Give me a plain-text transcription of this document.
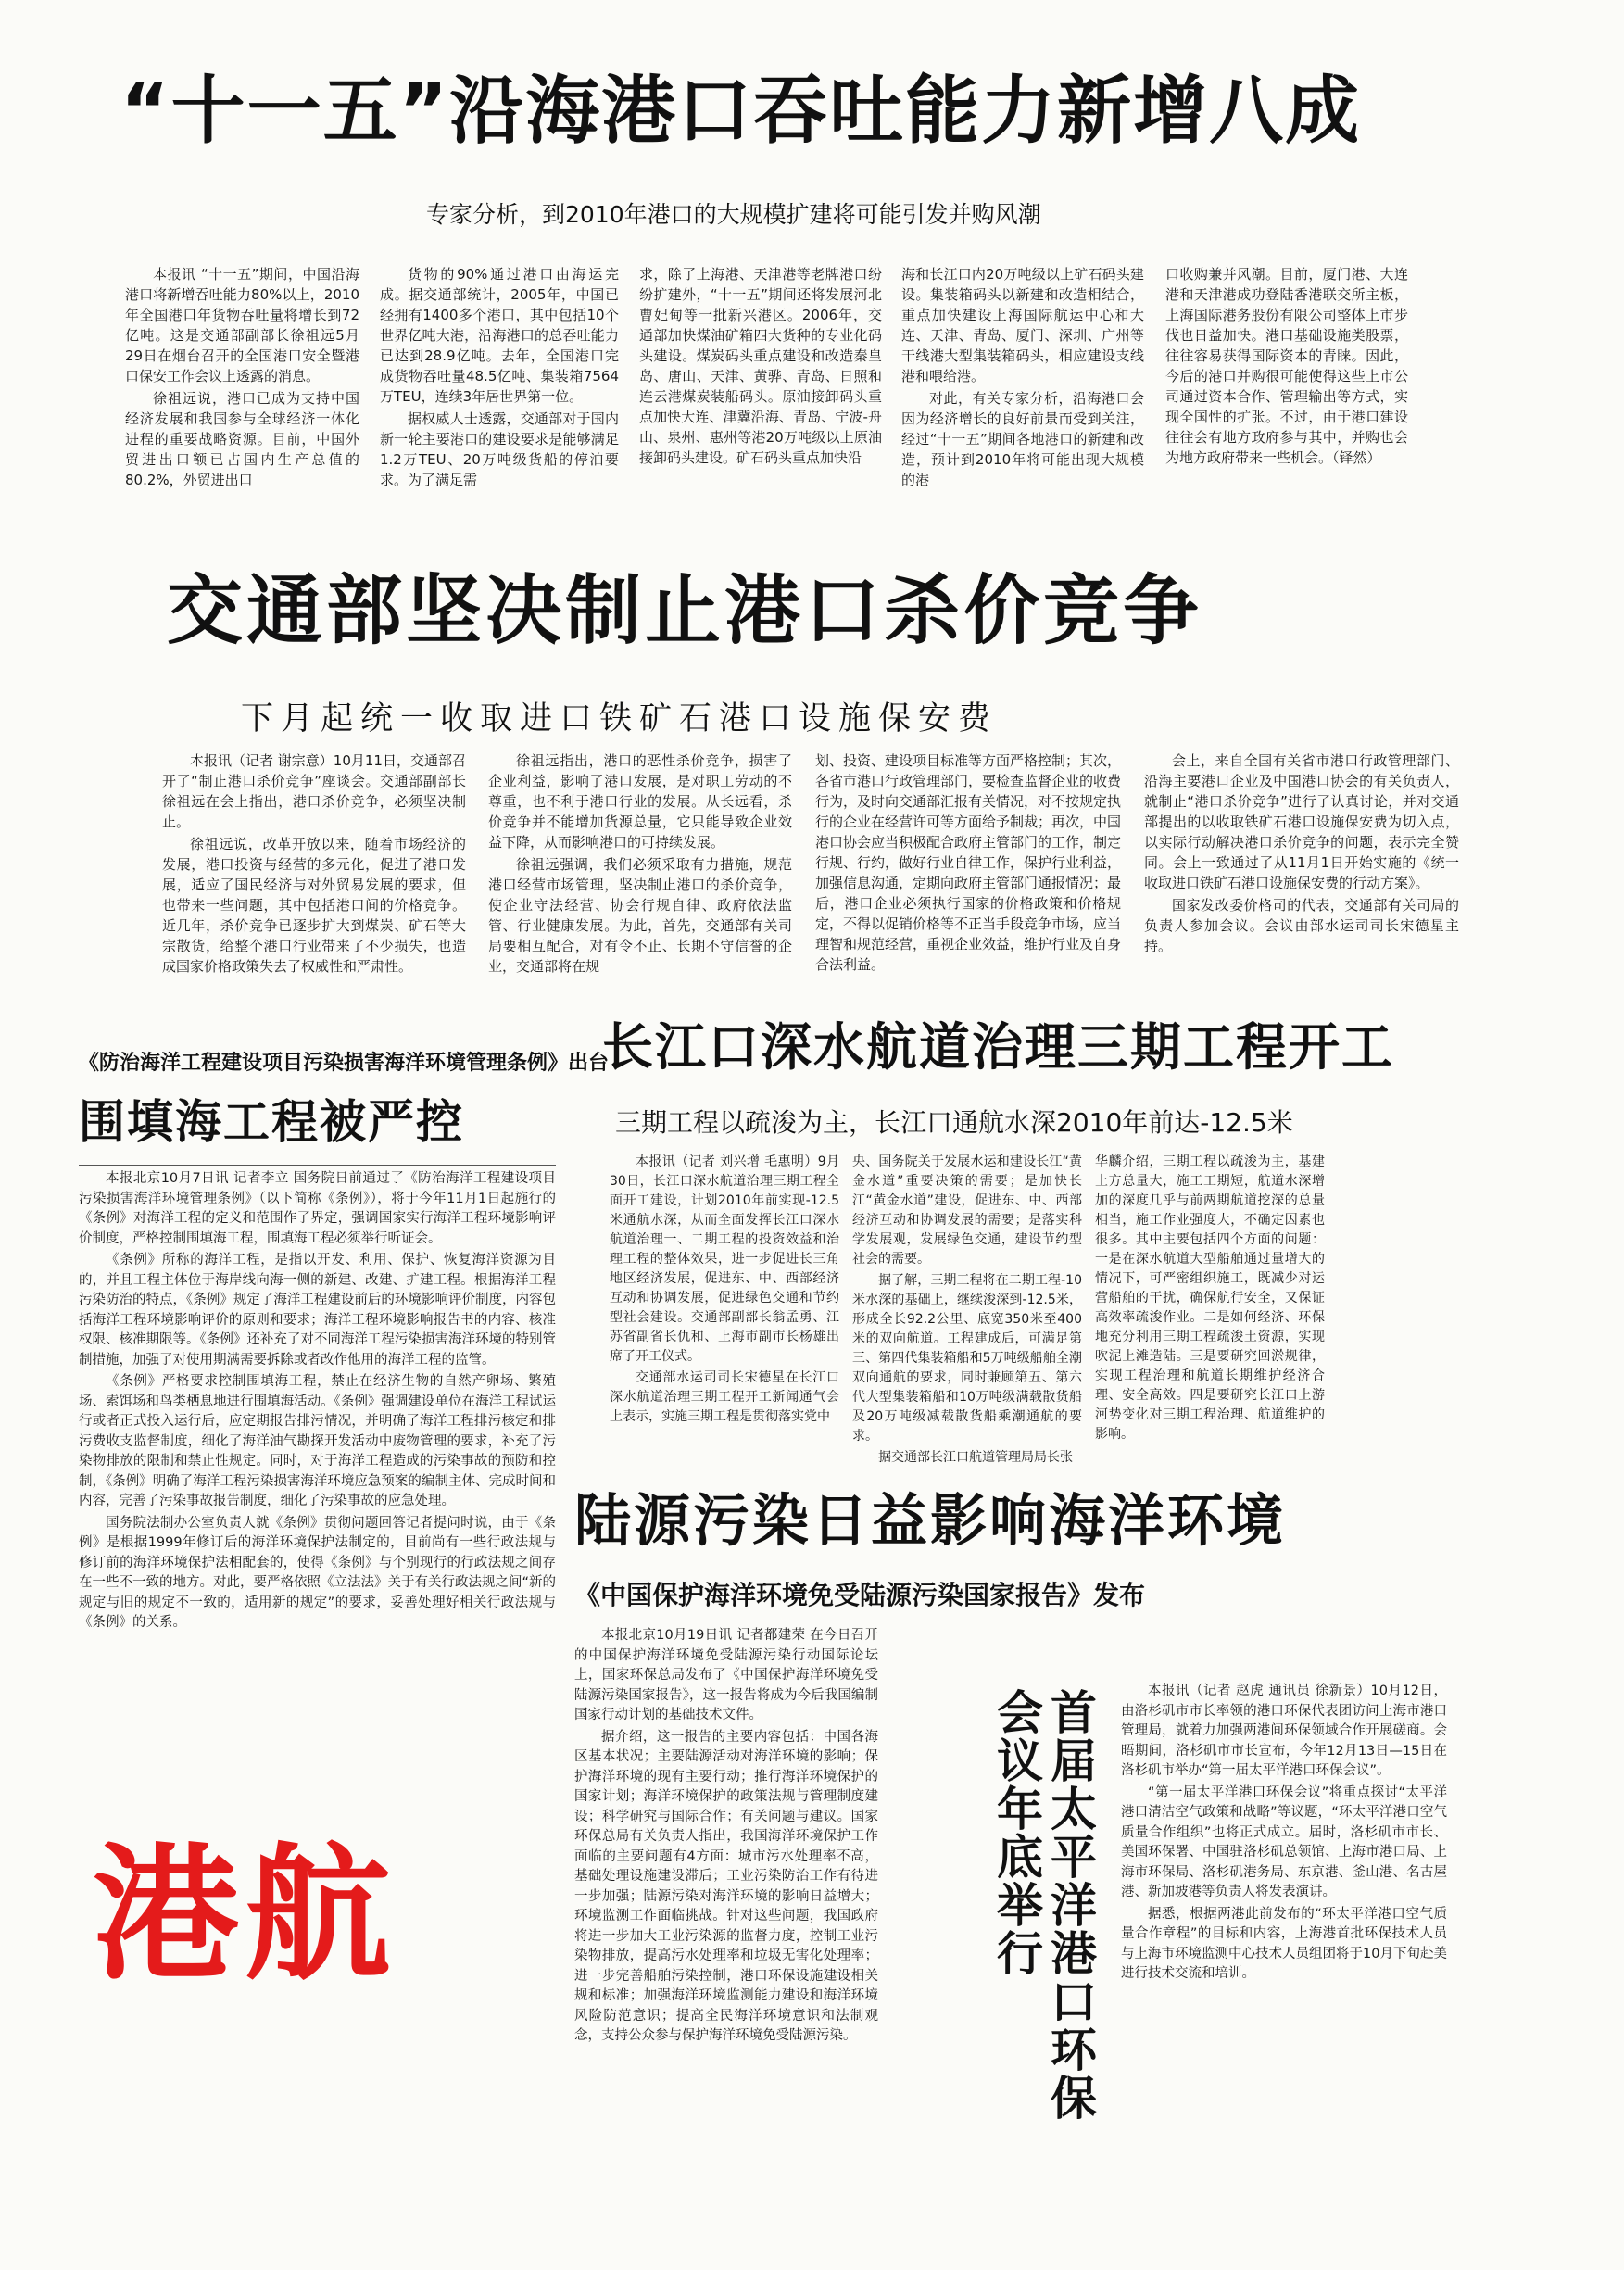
“十一五”沿海港口吞吐能力新增八成
专家分析，到2010年港口的大规模扩建将可能引发并购风潮

本报讯 “十一五”期间，中国沿海港口将新增吞吐能力80%以上，2010年全国港口年货物吞吐量将增长到72亿吨。这是交通部副部长徐祖远5月29日在烟台召开的全国港口安全暨港口保安工作会议上透露的消息。

徐祖远说，港口已成为支持中国经济发展和我国参与全球经济一体化进程的重要战略资源。目前，中国外贸进出口额已占国内生产总值的80.2%，外贸进出口

货物的90%通过港口由海运完成。据交通部统计，2005年，中国已经拥有1400多个港口，其中包括10个世界亿吨大港，沿海港口的总吞吐能力已达到28.9亿吨。去年，全国港口完成货物吞吐量48.5亿吨、集装箱7564万TEU，连续3年居世界第一位。

据权威人士透露，交通部对于国内新一轮主要港口的建设要求是能够满足1.2万TEU、20万吨级货船的停泊要求。为了满足需

求，除了上海港、天津港等老牌港口纷纷扩建外，“十一五”期间还将发展河北曹妃甸等一批新兴港区。2006年，交通部加快煤油矿箱四大货种的专业化码头建设。煤炭码头重点建设和改造秦皇岛、唐山、天津、黄骅、青岛、日照和连云港煤炭装船码头。原油接卸码头重点加快大连、津冀沿海、青岛、宁波-舟山、泉州、惠州等港20万吨级以上原油接卸码头建设。矿石码头重点加快沿

海和长江口内20万吨级以上矿石码头建设。集装箱码头以新建和改造相结合，重点加快建设上海国际航运中心和大连、天津、青岛、厦门、深圳、广州等干线港大型集装箱码头，相应建设支线港和喂给港。

对此，有关专家分析，沿海港口会因为经济增长的良好前景而受到关注，经过“十一五”期间各地港口的新建和改造，预计到2010年将可能出现大规模的港

口收购兼并风潮。目前，厦门港、大连港和天津港成功登陆香港联交所主板，上海国际港务股份有限公司整体上市步伐也日益加快。港口基础设施类股票，往往容易获得国际资本的青睐。因此，今后的港口并购很可能使得这些上市公司通过资本合作、管理输出等方式，实现全国性的扩张。不过，由于港口建设往往会有地方政府参与其中，并购也会为地方政府带来一些机会。（铎然）

交通部坚决制止港口杀价竞争
下月起统一收取进口铁矿石港口设施保安费

本报讯（记者 谢宗意）10月11日，交通部召开了“制止港口杀价竞争”座谈会。交通部副部长徐祖远在会上指出，港口杀价竞争，必须坚决制止。

徐祖远说，改革开放以来，随着市场经济的发展，港口投资与经营的多元化，促进了港口发展，适应了国民经济与对外贸易发展的要求，但也带来一些问题，其中包括港口间的价格竞争。近几年，杀价竞争已逐步扩大到煤炭、矿石等大宗散货，给整个港口行业带来了不少损失，也造成国家价格政策失去了权威性和严肃性。

徐祖远指出，港口的恶性杀价竞争，损害了企业利益，影响了港口发展，是对职工劳动的不尊重，也不利于港口行业的发展。从长远看，杀价竞争并不能增加货源总量，它只能导致企业效益下降，从而影响港口的可持续发展。

徐祖远强调，我们必须采取有力措施，规范港口经营市场管理，坚决制止港口的杀价竞争，使企业守法经营、协会行规自律、政府依法监管、行业健康发展。为此，首先，交通部有关司局要相互配合，对有令不止、长期不守信誉的企业，交通部将在规

划、投资、建设项目标准等方面严格控制；其次，各省市港口行政管理部门，要检查监督企业的收费行为，及时向交通部汇报有关情况，对不按规定执行的企业在经营许可等方面给予制裁；再次，中国港口协会应当积极配合政府主管部门的工作，制定行规、行约，做好行业自律工作，保护行业利益，加强信息沟通，定期向政府主管部门通报情况；最后，港口企业必须执行国家的价格政策和价格规定，不得以促销价格等不正当手段竞争市场，应当理智和规范经营，重视企业效益，维护行业及自身合法利益。

会上，来自全国有关省市港口行政管理部门、沿海主要港口企业及中国港口协会的有关负责人，就制止“港口杀价竞争”进行了认真讨论，并对交通部提出的以收取铁矿石港口设施保安费为切入点，以实际行动解决港口杀价竞争的问题，表示完全赞同。会上一致通过了从11月1日开始实施的《统一收取进口铁矿石港口设施保安费的行动方案》。

国家发改委价格司的代表，交通部有关司局的负责人参加会议。会议由部水运司司长宋德星主持。

《防治海洋工程建设项目污染损害海洋环境管理条例》出台
围填海工程被严控

本报北京10月7日讯 记者李立 国务院日前通过了《防治海洋工程建设项目污染损害海洋环境管理条例》（以下简称《条例》），将于今年11月1日起施行的《条例》对海洋工程的定义和范围作了界定，强调国家实行海洋工程环境影响评价制度，严格控制围填海工程，围填海工程必须举行听证会。

《条例》所称的海洋工程，是指以开发、利用、保护、恢复海洋资源为目的，并且工程主体位于海岸线向海一侧的新建、改建、扩建工程。根据海洋工程污染防治的特点，《条例》规定了海洋工程建设前后的环境影响评价制度，内容包括海洋工程环境影响评价的原则和要求；海洋工程环境影响报告书的内容、核准权限、核准期限等。《条例》还补充了对不同海洋工程污染损害海洋环境的特别管制措施，加强了对使用期满需要拆除或者改作他用的海洋工程的监管。

《条例》严格要求控制围填海工程，禁止在经济生物的自然产卵场、繁殖场、索饵场和鸟类栖息地进行围填海活动。《条例》强调建设单位在海洋工程试运行或者正式投入运行后，应定期报告排污情况，并明确了海洋工程排污核定和排污费收支监督制度，细化了海洋油气勘探开发活动中废物管理的要求，补充了污染物排放的限制和禁止性规定。同时，对于海洋工程造成的污染事故的预防和控制，《条例》明确了海洋工程污染损害海洋环境应急预案的编制主体、完成时间和内容，完善了污染事故报告制度，细化了污染事故的应急处理。

国务院法制办公室负责人就《条例》贯彻问题回答记者提问时说，由于《条例》是根据1999年修订后的海洋环境保护法制定的，目前尚有一些行政法规与修订前的海洋环境保护法相配套的，使得《条例》与个别现行的行政法规之间存在一些不一致的地方。对此，要严格依照《立法法》关于有关行政法规之间“新的规定与旧的规定不一致的，适用新的规定”的要求，妥善处理好相关行政法规与《条例》的关系。

港航
长江口深水航道治理三期工程开工
三期工程以疏浚为主，长江口通航水深2010年前达-12.5米

本报讯（记者 刘兴增 毛惠明）9月30日，长江口深水航道治理三期工程全面开工建设，计划2010年前实现-12.5米通航水深，从而全面发挥长江口深水航道治理一、二期工程的投资效益和治理工程的整体效果，进一步促进长三角地区经济发展，促进东、中、西部经济互动和协调发展，促进绿色交通和节约型社会建设。交通部副部长翁孟勇、江苏省副省长仇和、上海市副市长杨雄出席了开工仪式。

交通部水运司司长宋德星在长江口深水航道治理三期工程开工新闻通气会上表示，实施三期工程是贯彻落实党中

央、国务院关于发展水运和建设长江“黄金水道”重要决策的需要；是加快长江“黄金水道”建设，促进东、中、西部经济互动和协调发展的需要；是落实科学发展观，发展绿色交通，建设节约型社会的需要。

据了解，三期工程将在二期工程-10米水深的基础上，继续浚深到-12.5米，形成全长92.2公里、底宽350米至400米的双向航道。工程建成后，可满足第三、第四代集装箱船和5万吨级船舶全潮双向通航的要求，同时兼顾第五、第六代大型集装箱船和10万吨级满载散货船及20万吨级减载散货船乘潮通航的要求。

据交通部长江口航道管理局局长张

华麟介绍，三期工程以疏浚为主，基建土方总量大，施工工期短，航道水深增加的深度几乎与前两期航道挖深的总量相当，施工作业强度大，不确定因素也很多。其中主要包括四个方面的问题：一是在深水航道大型船舶通过量增大的情况下，可严密组织施工，既减少对运营船舶的干扰，确保航行安全，又保证高效率疏浚作业。二是如何经济、环保地充分利用三期工程疏浚土资源，实现吹泥上滩造陆。三是要研究回淤规律，实现工程治理和航道长期维护经济合理、安全高效。四是要研究长江口上游河势变化对三期工程治理、航道维护的影响。

陆源污染日益影响海洋环境
《中国保护海洋环境免受陆源污染国家报告》发布

本报北京10月19日讯 记者都建荣 在今日召开的中国保护海洋环境免受陆源污染行动国际论坛上，国家环保总局发布了《中国保护海洋环境免受陆源污染国家报告》，这一报告将成为今后我国编制国家行动计划的基础技术文件。

据介绍，这一报告的主要内容包括：中国各海区基本状况；主要陆源活动对海洋环境的影响；保护海洋环境的现有主要行动；推行海洋环境保护的国家计划；海洋环境保护的政策法规与管理制度建设；科学研究与国际合作；有关问题与建议。国家环保总局有关负责人指出，我国海洋环境保护工作面临的主要问题有4方面：城市污水处理率不高，基础处理设施建设滞后；工业污染防治工作有待进一步加强；陆源污染对海洋环境的影响日益增大；环境监测工作面临挑战。针对这些问题，我国政府将进一步加大工业污染源的监督力度，控制工业污染物排放，提高污水处理率和垃圾无害化处理率；进一步完善船舶污染控制，港口环保设施建设相关规和标准；加强海洋环境监测能力建设和海洋环境风险防范意识；提高全民海洋环境意识和法制观念，支持公众参与保护海洋环境免受陆源污染。	首届太平洋港口环保会议年底举行	本报讯（记者 赵虎 通讯员 徐新景）10月12日，由洛杉矶市市长率领的港口环保代表团访问上海市港口管理局，就着力加强两港间环保领域合作开展磋商。会晤期间，洛杉矶市市长宣布，今年12月13日—15日在洛杉矶市举办“第一届太平洋港口环保会议”。

“第一届太平洋港口环保会议”将重点探讨“太平洋港口清洁空气政策和战略”等议题，“环太平洋港口空气质量合作组织”也将正式成立。届时，洛杉矶市市长、美国环保署、中国驻洛杉矶总领馆、上海市港口局、上海市环保局、洛杉矶港务局、东京港、釜山港、名古屋港、新加坡港等负责人将发表演讲。

据悉，根据两港此前发布的“环太平洋港口空气质量合作章程”的目标和内容，上海港首批环保技术人员与上海市环境监测中心技术人员组团将于10月下旬赴美进行技术交流和培训。
